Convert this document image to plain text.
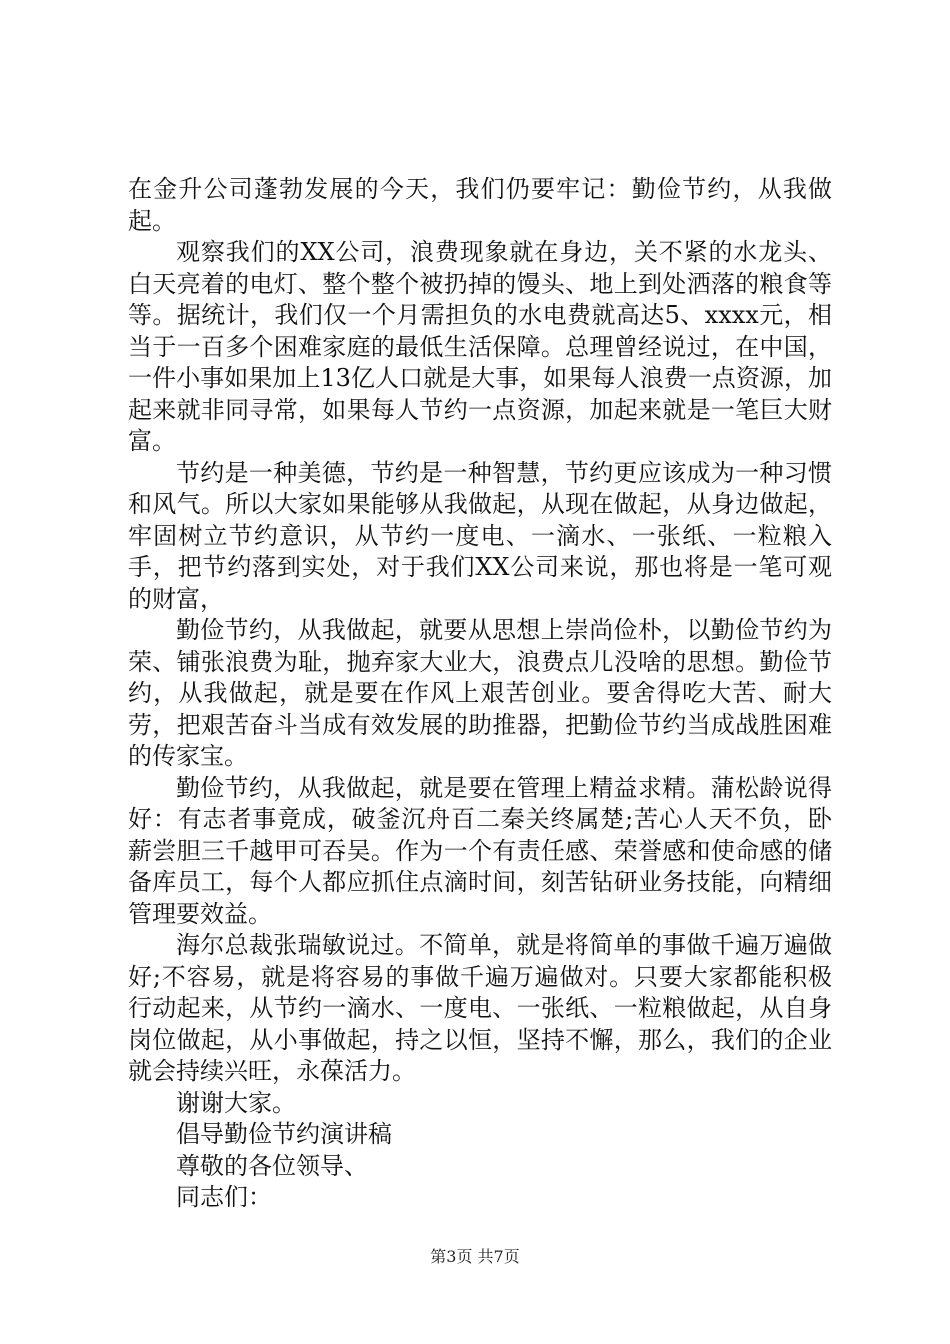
在金升公司蓬勃发展的今天，我们仍要牢记：勤俭节约，从我做起。

观察我们的XX公司，浪费现象就在身边，关不紧的水龙头、白天亮着的电灯、整个整个被扔掉的馒头、地上到处洒落的粮食等等。据统计，我们仅一个月需担负的水电费就高达5、xxxx元，相当于一百多个困难家庭的最低生活保障。总理曾经说过，在中国，一件小事如果加上13亿人口就是大事，如果每人浪费一点资源，加起来就非同寻常，如果每人节约一点资源，加起来就是一笔巨大财富。

节约是一种美德，节约是一种智慧，节约更应该成为一种习惯和风气。所以大家如果能够从我做起，从现在做起，从身边做起，牢固树立节约意识，从节约一度电、一滴水、一张纸、一粒粮入手，把节约落到实处，对于我们XX公司来说，那也将是一笔可观的财富，

勤俭节约，从我做起，就要从思想上崇尚俭朴，以勤俭节约为荣、铺张浪费为耻，抛弃家大业大，浪费点儿没啥的思想。勤俭节约，从我做起，就是要在作风上艰苦创业。要舍得吃大苦、耐大劳，把艰苦奋斗当成有效发展的助推器，把勤俭节约当成战胜困难的传家宝。

勤俭节约，从我做起，就是要在管理上精益求精。蒲松龄说得好：有志者事竟成，破釜沉舟百二秦关终属楚;苦心人天不负，卧薪尝胆三千越甲可吞吴。作为一个有责任感、荣誉感和使命感的储备库员工，每个人都应抓住点滴时间，刻苦钻研业务技能，向精细管理要效益。

海尔总裁张瑞敏说过。不简单，就是将简单的事做千遍万遍做好;不容易，就是将容易的事做千遍万遍做对。只要大家都能积极行动起来，从节约一滴水、一度电、一张纸、一粒粮做起，从自身岗位做起，从小事做起，持之以恒，坚持不懈，那么，我们的企业就会持续兴旺，永葆活力。

谢谢大家。

倡导勤俭节约演讲稿

尊敬的各位领导、

同志们：

第3页 共7页
